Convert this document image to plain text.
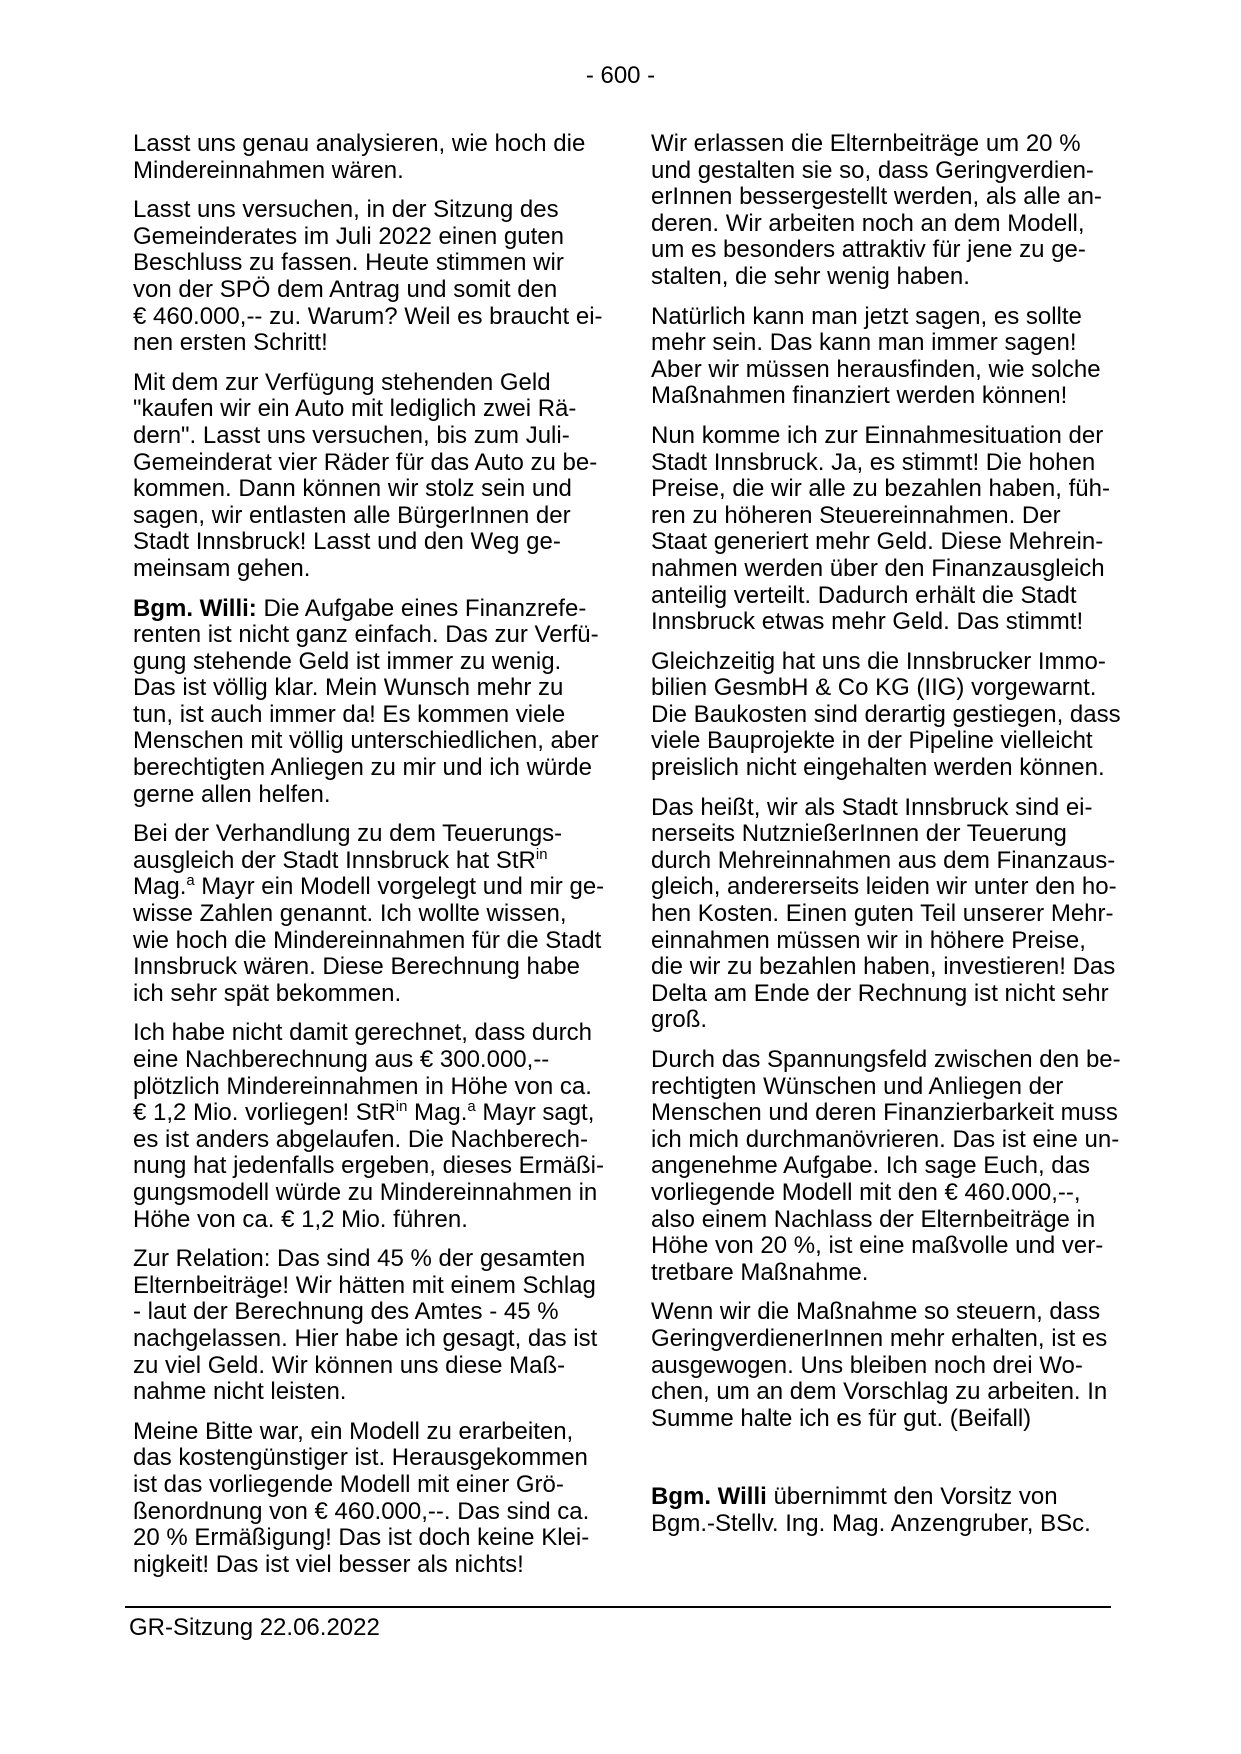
- 600 -

Lasst uns genau analysieren, wie hoch die
Mindereinnahmen wären.

Lasst uns versuchen, in der Sitzung des
Gemeinderates im Juli 2022 einen guten
Beschluss zu fassen. Heute stimmen wir
von der SPÖ dem Antrag und somit den
€ 460.000,-- zu. Warum? Weil es braucht ei-
nen ersten Schritt!

Mit dem zur Verfügung stehenden Geld
"kaufen wir ein Auto mit lediglich zwei Rä-
dern". Lasst uns versuchen, bis zum Juli-
Gemeinderat vier Räder für das Auto zu be-
kommen. Dann können wir stolz sein und
sagen, wir entlasten alle BürgerInnen der
Stadt Innsbruck! Lasst und den Weg ge-
meinsam gehen.

Bgm. Willi: Die Aufgabe eines Finanzrefe-
renten ist nicht ganz einfach. Das zur Verfü-
gung stehende Geld ist immer zu wenig.
Das ist völlig klar. Mein Wunsch mehr zu
tun, ist auch immer da! Es kommen viele
Menschen mit völlig unterschiedlichen, aber
berechtigten Anliegen zu mir und ich würde
gerne allen helfen.

Bei der Verhandlung zu dem Teuerungs-
ausgleich der Stadt Innsbruck hat StR$^{in}$
Mag.$^a$ Mayr ein Modell vorgelegt und mir ge-
wisse Zahlen genannt. Ich wollte wissen,
wie hoch die Mindereinnahmen für die Stadt
Innsbruck wären. Diese Berechnung habe
ich sehr spät bekommen.

Ich habe nicht damit gerechnet, dass durch
eine Nachberechnung aus € 300.000,--
plötzlich Mindereinnahmen in Höhe von ca.
€ 1,2 Mio. vorliegen! StR$^{in}$ Mag.$^a$ Mayr sagt,
es ist anders abgelaufen. Die Nachberech-
nung hat jedenfalls ergeben, dieses Ermäßi-
gungsmodell würde zu Mindereinnahmen in
Höhe von ca. € 1,2 Mio. führen.

Zur Relation: Das sind 45 % der gesamten
Elternbeiträge! Wir hätten mit einem Schlag
- laut der Berechnung des Amtes - 45 %
nachgelassen. Hier habe ich gesagt, das ist
zu viel Geld. Wir können uns diese Maß-
nahme nicht leisten.

Meine Bitte war, ein Modell zu erarbeiten,
das kostengünstiger ist. Herausgekommen
ist das vorliegende Modell mit einer Grö-
ßenordnung von € 460.000,--. Das sind ca.
20 % Ermäßigung! Das ist doch keine Klei-
nigkeit! Das ist viel besser als nichts!

Wir erlassen die Elternbeiträge um 20 %
und gestalten sie so, dass Geringverdien-
erInnen bessergestellt werden, als alle an-
deren. Wir arbeiten noch an dem Modell,
um es besonders attraktiv für jene zu ge-
stalten, die sehr wenig haben.

Natürlich kann man jetzt sagen, es sollte
mehr sein. Das kann man immer sagen!
Aber wir müssen herausfinden, wie solche
Maßnahmen finanziert werden können!

Nun komme ich zur Einnahmesituation der
Stadt Innsbruck. Ja, es stimmt! Die hohen
Preise, die wir alle zu bezahlen haben, füh-
ren zu höheren Steuereinnahmen. Der
Staat generiert mehr Geld. Diese Mehrein-
nahmen werden über den Finanzausgleich
anteilig verteilt. Dadurch erhält die Stadt
Innsbruck etwas mehr Geld. Das stimmt!

Gleichzeitig hat uns die Innsbrucker Immo-
bilien GesmbH & Co KG (IIG) vorgewarnt.
Die Baukosten sind derartig gestiegen, dass
viele Bauprojekte in der Pipeline vielleicht
preislich nicht eingehalten werden können.

Das heißt, wir als Stadt Innsbruck sind ei-
nerseits NutznießerInnen der Teuerung
durch Mehreinnahmen aus dem Finanzaus-
gleich, andererseits leiden wir unter den ho-
hen Kosten. Einen guten Teil unserer Mehr-
einnahmen müssen wir in höhere Preise,
die wir zu bezahlen haben, investieren! Das
Delta am Ende der Rechnung ist nicht sehr
groß.

Durch das Spannungsfeld zwischen den be-
rechtigten Wünschen und Anliegen der
Menschen und deren Finanzierbarkeit muss
ich mich durchmanövrieren. Das ist eine un-
angenehme Aufgabe. Ich sage Euch, das
vorliegende Modell mit den € 460.000,--,
also einem Nachlass der Elternbeiträge in
Höhe von 20 %, ist eine maßvolle und ver-
tretbare Maßnahme.

Wenn wir die Maßnahme so steuern, dass
GeringverdienerInnen mehr erhalten, ist es
ausgewogen. Uns bleiben noch drei Wo-
chen, um an dem Vorschlag zu arbeiten. In
Summe halte ich es für gut. (Beifall)

Bgm. Willi übernimmt den Vorsitz von
Bgm.-Stellv. Ing. Mag. Anzengruber, BSc.

GR-Sitzung 22.06.2022
